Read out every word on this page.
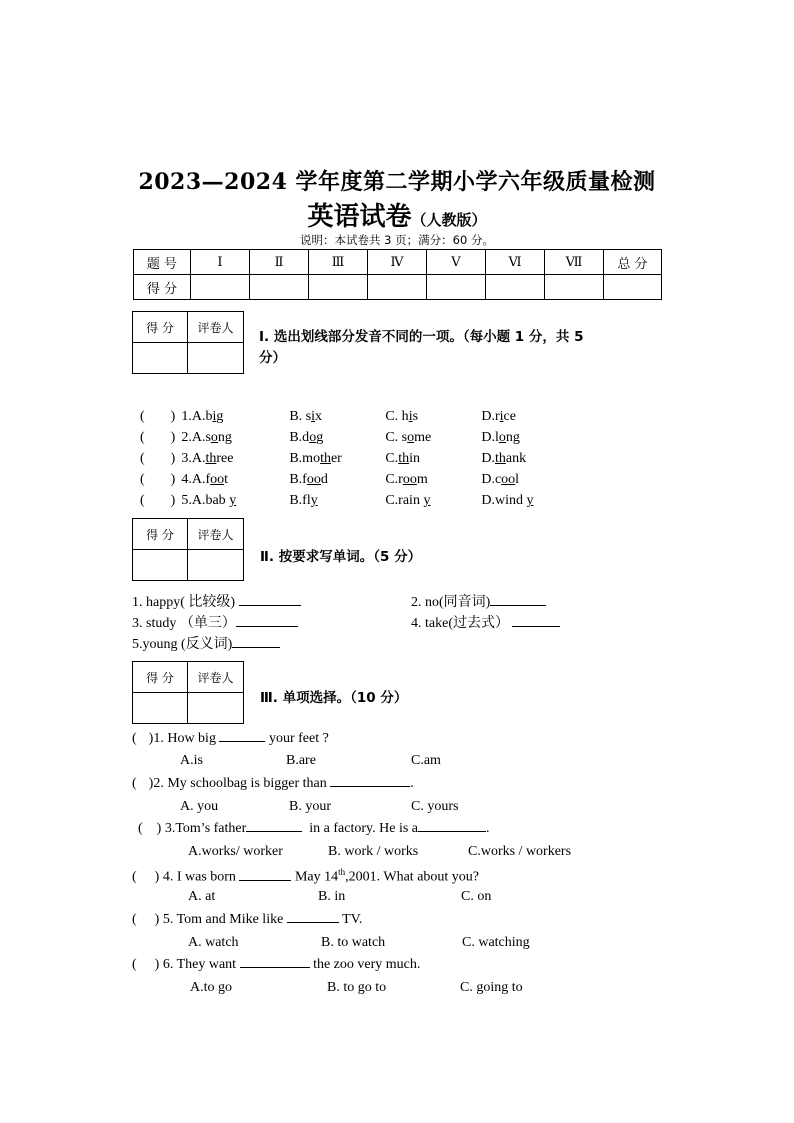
2023—2024 学年度第二学期小学六年级质量检测
英语试卷（人教版）
说明：本试卷共 3 页；满分：60 分。
题 号	Ⅰ	Ⅱ	Ⅲ	Ⅳ	Ⅴ	Ⅵ	Ⅶ	总 分
得 分								
得 分	评卷人

Ⅰ. 选出划线部分发音不同的一项。（每小题 1 分，共 5
分）
( ) 1.A.big	B. six	C. his	D.rice
( ) 2.A.song	B.dog	C. some	D.long
( ) 3.A.three	B.mother	C.thin	D.thank
( ) 4.A.foot	B.food	C.room	D.cool
( ) 5.A.bab y	B.fly	C.rain y	D.wind y
得 分	评卷人

Ⅱ. 按要求写单词。（5 分）
1. happy( 比较级)	2. no(同音词)
3. study （单三）	4. take(过去式）
5.young (反义词)
得 分	评卷人

Ⅲ. 单项选择。（10 分）
( )1. How big	your feet ?
A.is	B.are	C.am
( )2. My schoolbag is bigger than	.
A. you	B. your	C. yours
( ) 3.Tom’s father	in a factory. He is a	.
A.works/ worker	B. work / works	C.works / workers
( ) 4. I was born	May 14th,2001. What about you?
A. at	B. in	C. on
( ) 5. Tom and Mike like	TV.
A. watch	B. to watch	C. watching
( ) 6. They want	the zoo very much.
A.to go	B. to go to	C. going to
